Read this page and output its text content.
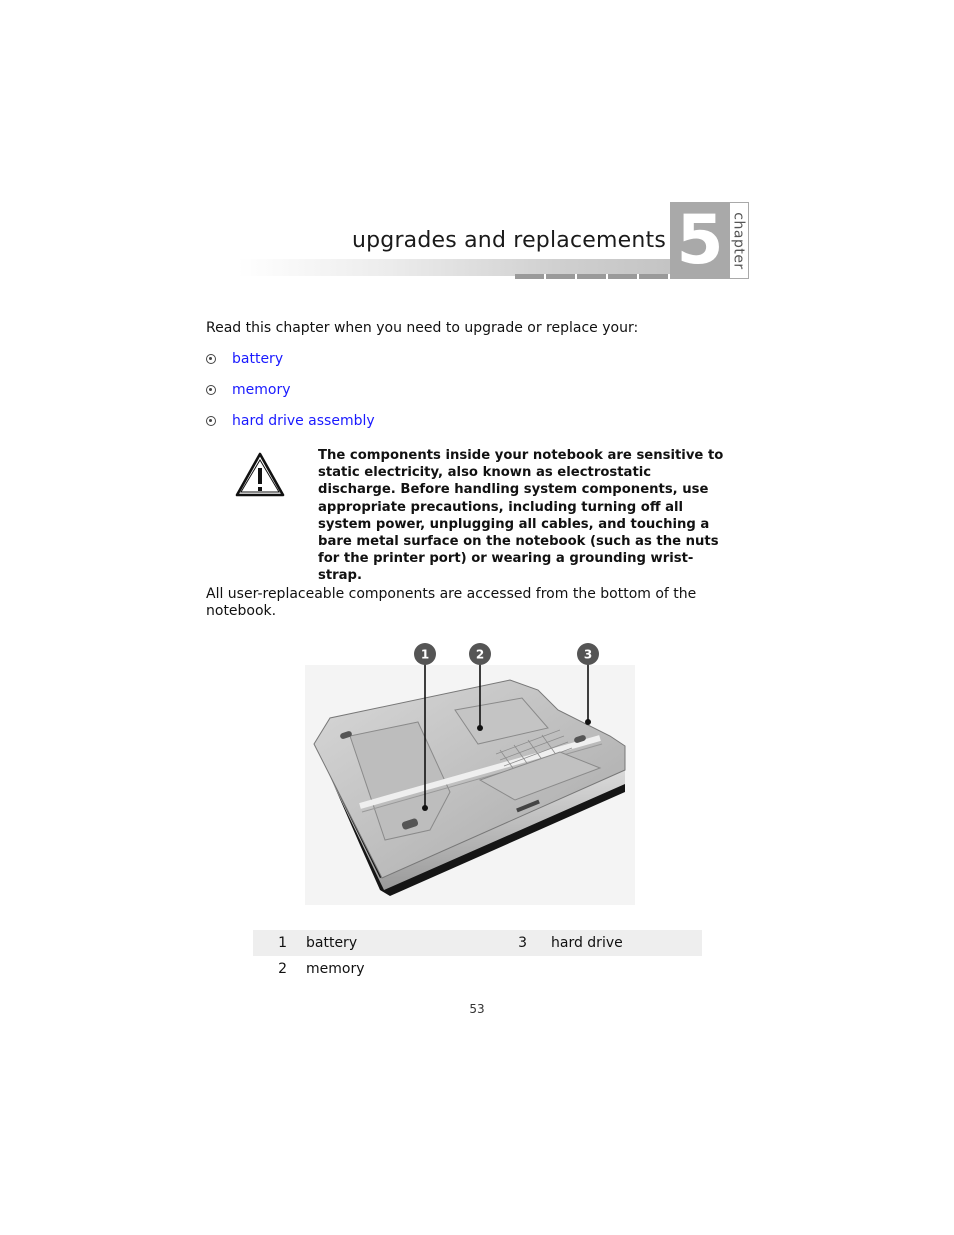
upgrades and replacements 5 chapter
Read this chapter when you need to upgrade or replace your:
battery
memory
hard drive assembly
The components inside your notebook are sensitive to static electricity, also known as electrostatic discharge. Before handling system components, use appropriate precautions, including turning off all system power, unplugging all cables, and touching a bare metal surface on the notebook (such as the nuts for the printer port) or wearing a grounding wrist-strap.
All user-replaceable components are accessed from the bottom of the notebook.
1	2	3
1	battery	3	hard drive
2	memory
53
